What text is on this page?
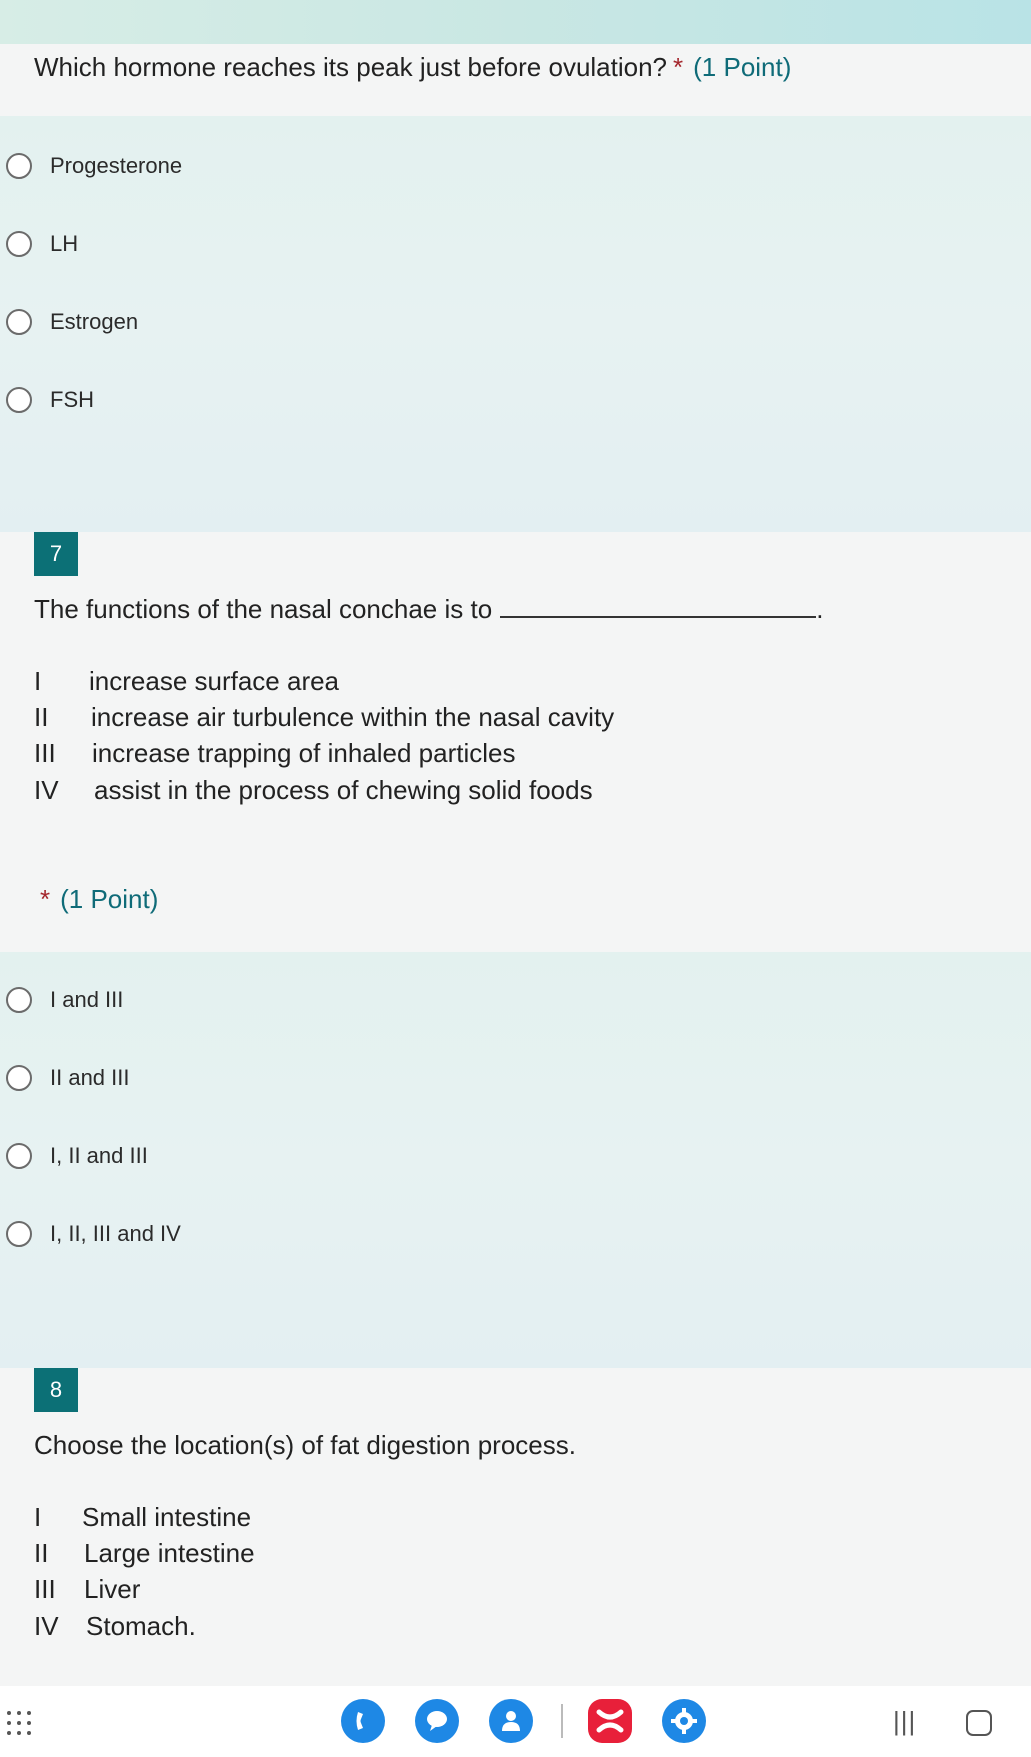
Which hormone reaches its peak just before ovulation? * (1 Point)
Progesterone
LH
Estrogen
FSH
7
The functions of the nasal conchae is to	.
I increase surface area
II increase air turbulence within the nasal cavity
III increase trapping of inhaled particles
IV assist in the process of chewing solid foods
* (1 Point)
I and III
II and III
I, II and III
I, II, III and IV
8
Choose the location(s) of fat digestion process.
I Small intestine
II Large intestine
III Liver
IV Stomach.
|||
